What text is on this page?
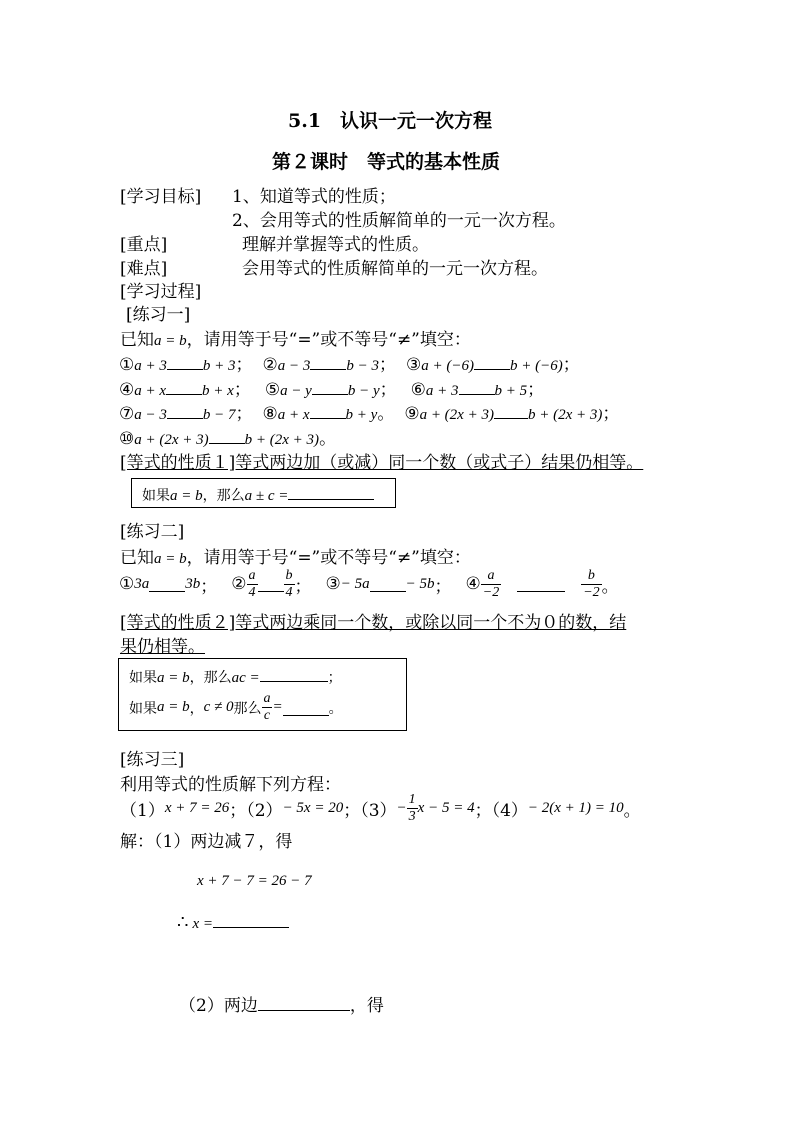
5.1　认识一元一次方程
第２课时　等式的基本性质
[学习目标] 1、知道等式的性质；
2、会用等式的性质解简单的一元一次方程。
[重点]	理解并掌握等式的性质。
[难点]	会用等式的性质解简单的一元一次方程。
[学习过程]
[练习一]
已知a = b，请用等于号“=”或不等号“≠”填空：
①a + 3 b + 3； ②a − 3 b − 3； ③a + (−6) b + (−6)；
④a + x b + x； ⑤a − y b − y； ⑥a + 3 b + 5；
⑦a − 3 b − 7； ⑧a + x b + y。 ⑨a + (2x + 3) b + (2x + 3)；
⑩a + (2x + 3) b + (2x + 3)。
[等式的性质１]等式两边加（或减）同一个数（或式子）结果仍相等。
如果a = b，那么a ± c =
[练习二]
已知a = b，请用等于号“=”或不等号“≠”填空：
① 3a 3b ； ② $\frac{a}{4} \frac{b}{4}$ ； ③ − 5a − 5b ； ④ $\frac{a}{-2}$	$\frac{b}{-2}$ 。
[等式的性质２]等式两边乘同一个数，或除以同一个不为０的数，结
果仍相等。
如果a = b，那么ac =	；
如果 a = b ， c ≠ 0 那么 $\frac{a}{c}$ =	。
[练习三]
利用等式的性质解下列方程：
（1） x + 7 = 26 ；（2） − 5x = 20 ；$(3) - \frac{1}{3}$ x − 5 = 4 ；（4） − 2(x + 1) = 10 。
解：（1）两边减７，得
x + 7 − 7 = 26 − 7
∴ x =
（2）两边	，得
